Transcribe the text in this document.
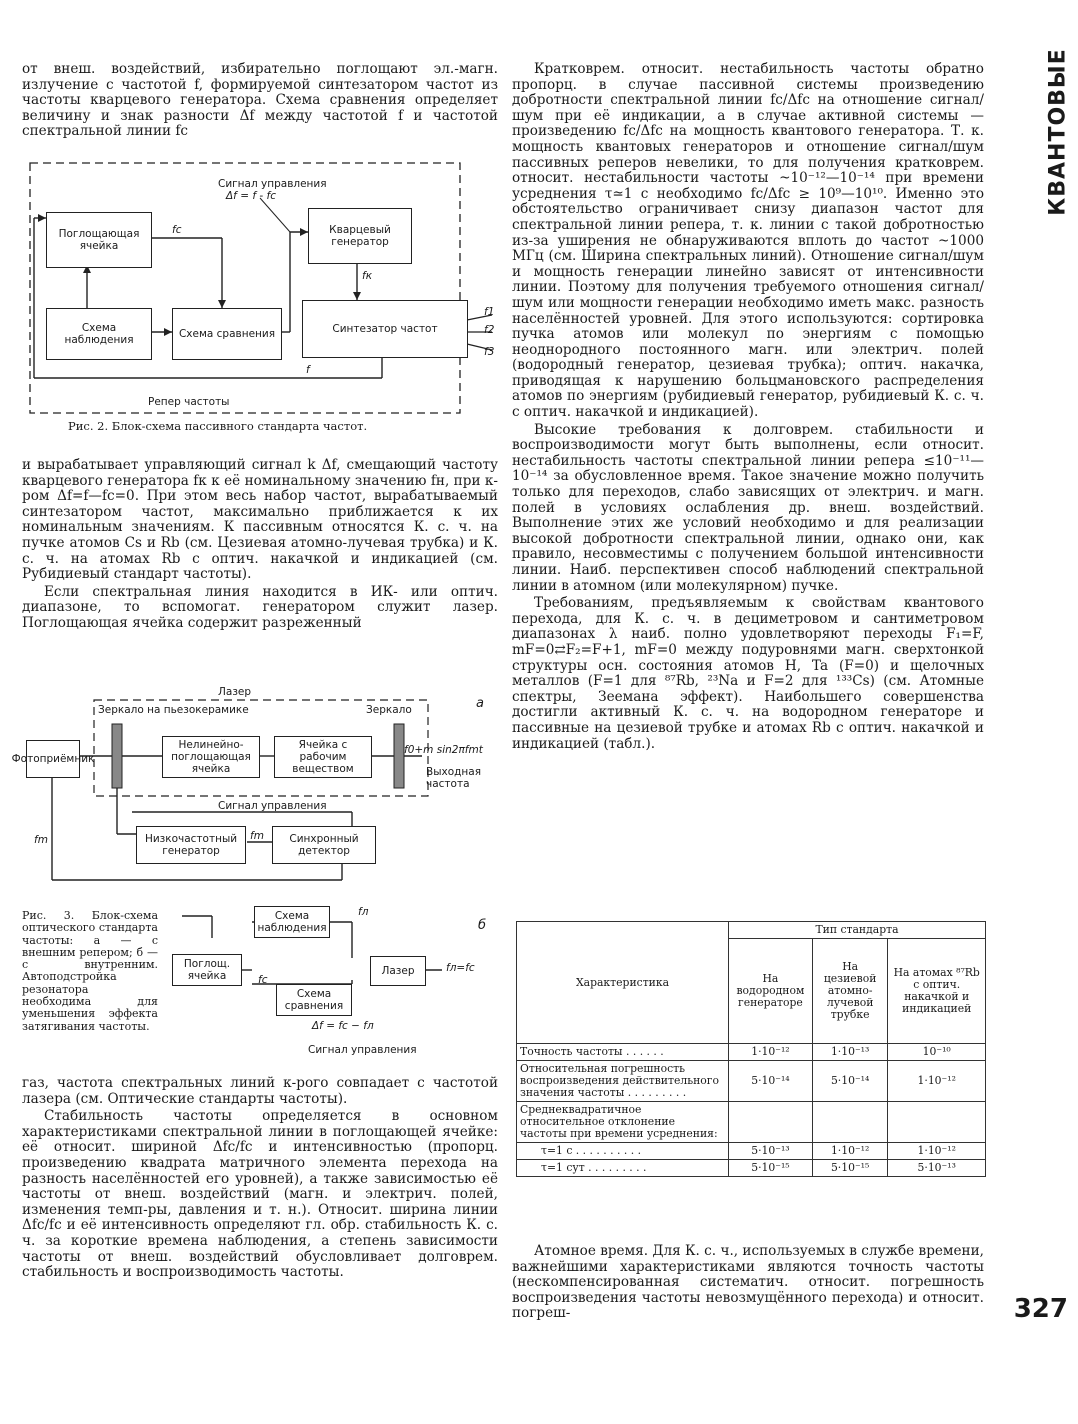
КВАНТОВЫЕ
327

от внеш. воздействий, избирательно поглощают эл.-магн. излучение с частотой f, формируемой синтезатором частот из частоты кварцевого генератора. Схема сравнения определяет величину и знак разности Δf между частотой f и частотой спектральной линии fc

Поглощающая ячейка
Кварцевый генератор
Схема наблюдения	Схема сравнения	Синтезатор частот
Сигнал управления
Δf = f - fc
fc
fк
f
f1
f2
f3
Репер частоты
Рис. 2. Блок-схема пассивного стандарта частот.

и вырабатывает управляющий сигнал k Δf, смещающий частоту кварцевого генератора fк к её номинальному значению fн, при к-ром Δf=f—fc=0. При этом весь набор частот, вырабатываемый синтезатором частот, максимально приближается к их номинальным значениям. К пассивным относятся К. с. ч. на пучке атомов Cs и Rb (см. Цезиевая атомно-лучевая трубка) и К. с. ч. на атомах Rb с оптич. накачкой и индикацией (см. Рубидиевый стандарт частоты).

Если спектральная линия находится в ИК- или оптич. диапазоне, то вспомогат. генератором служит лазер. Поглощающая ячейка содержит разреженный

а
Лазер
Зеркало на пьезокерамике	Зеркало
Фотоприёмник
Нелинейно-поглощающая ячейка
Ячейка с рабочим веществом
f0+m sin2πfmt
Выходная частота
Сигнал управления
Низкочастотный генератор
Синхронный детектор
fm	fm
Рис. 3. Блок-схема оптического стандарта частоты: а — с внешним репером; б — с внутренним. Автоподстройка резонатора необходима для уменьшения эффекта затягивания частоты.
б
Схема наблюдения
Поглощ. ячейка
Схема сравнения
Лазер	fл=fс
fл
fс
Δf = fс − fл
Сигнал управления

газ, частота спектральных линий к-рого совпадает с частотой лазера (см. Оптические стандарты частоты).

Стабильность частоты определяется в основном характеристиками спектральной линии в поглощающей ячейке: её относит. шириной Δfc/fc и интенсивностью (пропорц. произведению квадрата матричного элемента перехода на разность населённостей его уровней), а также зависимостью её частоты от внеш. воздействий (магн. и электрич. полей, изменения темп-ры, давления и т. н.). Относит. ширина линии Δfc/fc и её интенсивность определяют гл. обр. стабильность К. с. ч. за короткие времена наблюдения, а степень зависимости частоты от внеш. воздействий обусловливает долговрем. стабильность и воспроизводимость частоты.

Кратковрем. относит. нестабильность частоты обратно пропорц. в случае пассивной системы произведению добротности спектральной линии fc/Δfc на отношение сигнал/шум при её индикации, а в случае активной системы — произведению fc/Δfc на мощность квантового генератора. Т. к. мощность квантовых генераторов и отношение сигнал/шум пассивных реперов невелики, то для получения кратковрем. относит. нестабильности частоты ~10⁻¹²—10⁻¹⁴ при времени усреднения τ≃1 с необходимо fc/Δfc ≥ 10⁹—10¹⁰. Именно это обстоятельство ограничивает снизу диапазон частот для спектральной линии репера, т. к. линии с такой добротностью из-за уширения не обнаруживаются вплоть до частот ~1000 МГц (см. Ширина спектральных линий). Отношение сигнал/шум и мощность генерации линейно зависят от интенсивности линии. Поэтому для получения требуемого отношения сигнал/шум или мощности генерации необходимо иметь макс. разность населённостей уровней. Для этого используются: сортировка пучка атомов или молекул по энергиям с помощью неоднородного постоянного магн. или электрич. полей (водородный генератор, цезиевая трубка); оптич. накачка, приводящая к нарушению больцмановского распределения атомов по энергиям (рубидиевый генератор, рубидиевый К. с. ч. с оптич. накачкой и индикацией).

Высокие требования к долговрем. стабильности и воспроизводимости могут быть выполнены, если относит. нестабильность частоты спектральной линии репера ≤10⁻¹¹—10⁻¹⁴ за обусловленное время. Такое значение можно получить только для переходов, слабо зависящих от электрич. и магн. полей в условиях ослабления др. внеш. воздействий. Выполнение этих же условий необходимо и для реализации высокой добротности спектральной линии, однако они, как правило, несовместимы с получением большой интенсивности линии. Наиб. перспективен способ наблюдений спектральной линии в атомном (или молекулярном) пучке.

Требованиям, предъявляемым к свойствам квантового перехода, для К. с. ч. в дециметровом и сантиметровом диапазонах λ наиб. полно удовлетворяют переходы F₁=F, mF=0⇄F₂=F+1, mF=0 между подуровнями магн. сверхтонкой структуры осн. состояния атомов H, Ta (F=0) и щелочных металлов (F=1 для ⁸⁷Rb, ²³Na и F=2 для ¹³³Cs) (см. Атомные спектры, Зеемана эффект). Наибольшего совершенства достигли активный К. с. ч. на водородном генераторе и пассивные на цезиевой трубке и атомах Rb с оптич. накачкой и индикацией (табл.).

Характеристика	Тип стандарта		
	На водородном генераторе	На цезиевой атомно-лучевой трубке	На атомах ⁸⁷Rb с оптич. накачкой и индикацией
Точность частоты . . . . . .	1·10⁻¹²	1·10⁻¹³	10⁻¹⁰
Относительная погрешность воспроизведения действительного значения частоты . . . . . . . . .	5·10⁻¹⁴	5·10⁻¹⁴	1·10⁻¹²
Среднеквадратичное относительное отклонение частоты при времени усреднения:			
τ=1 с . . . . . . . . . .	5·10⁻¹³	1·10⁻¹²	1·10⁻¹²
τ=1 сут . . . . . . . . .	5·10⁻¹⁵	5·10⁻¹⁵	5·10⁻¹³

Атомное время. Для К. с. ч., используемых в службе времени, важнейшими характеристиками являются точность частоты (нескомпенсированная систематич. относит. погрешность воспроизведения частоты невозмущённого перехода) и относит. погреш-
